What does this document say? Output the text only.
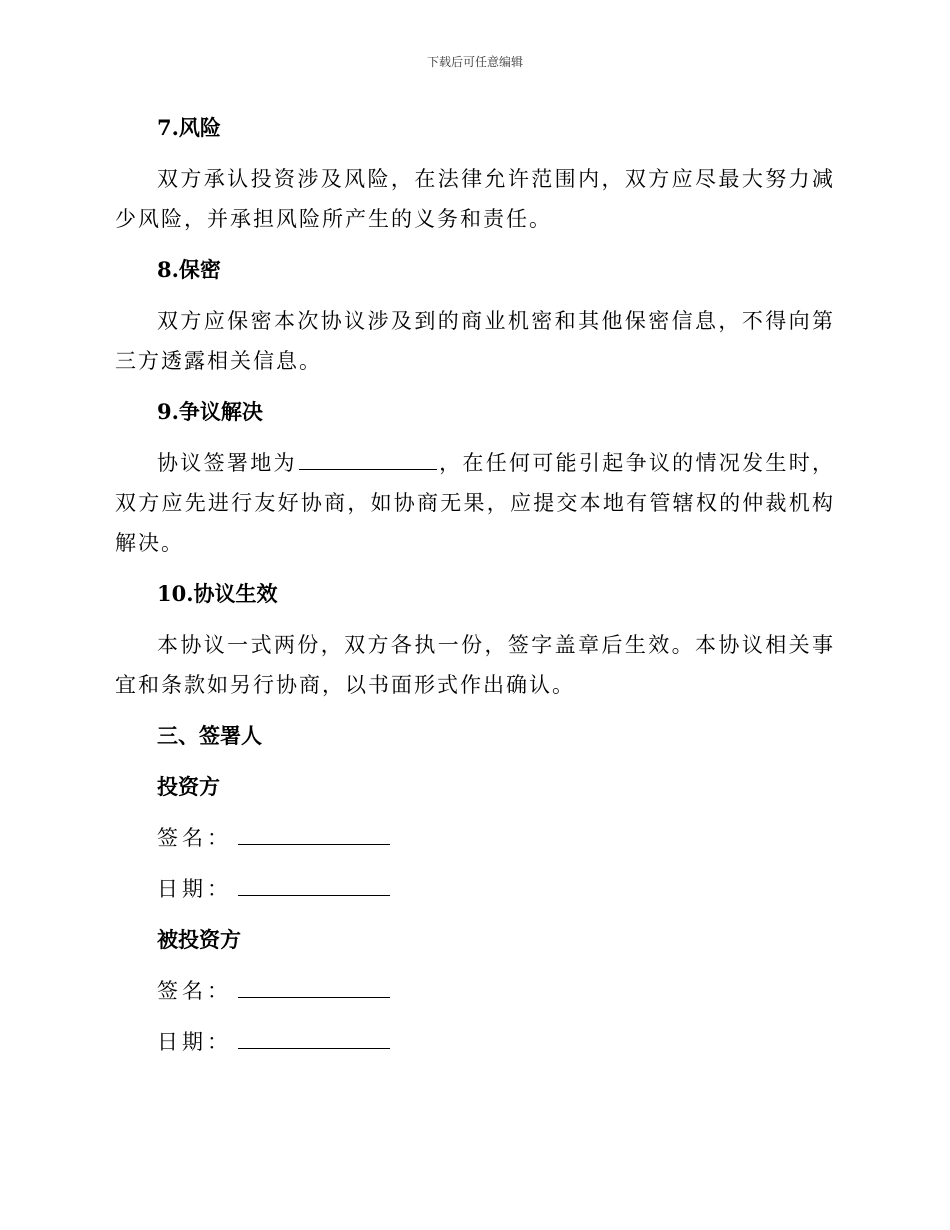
下载后可任意编辑
7.风险

双方承认投资涉及风险，在法律允许范围内，双方应尽最大努力减少风险，并承担风险所产生的义务和责任。

8.保密

双方应保密本次协议涉及到的商业机密和其他保密信息，不得向第三方透露相关信息。

9.争议解决

协议签署地为	，在任何可能引起争议的情况发生时，双方应先进行友好协商，如协商无果，应提交本地有管辖权的仲裁机构解决。

10.协议生效

本协议一式两份，双方各执一份，签字盖章后生效。本协议相关事宜和条款如另行协商，以书面形式作出确认。

三、签署人
投资方
签名：
日期：
被投资方
签名：
日期：
